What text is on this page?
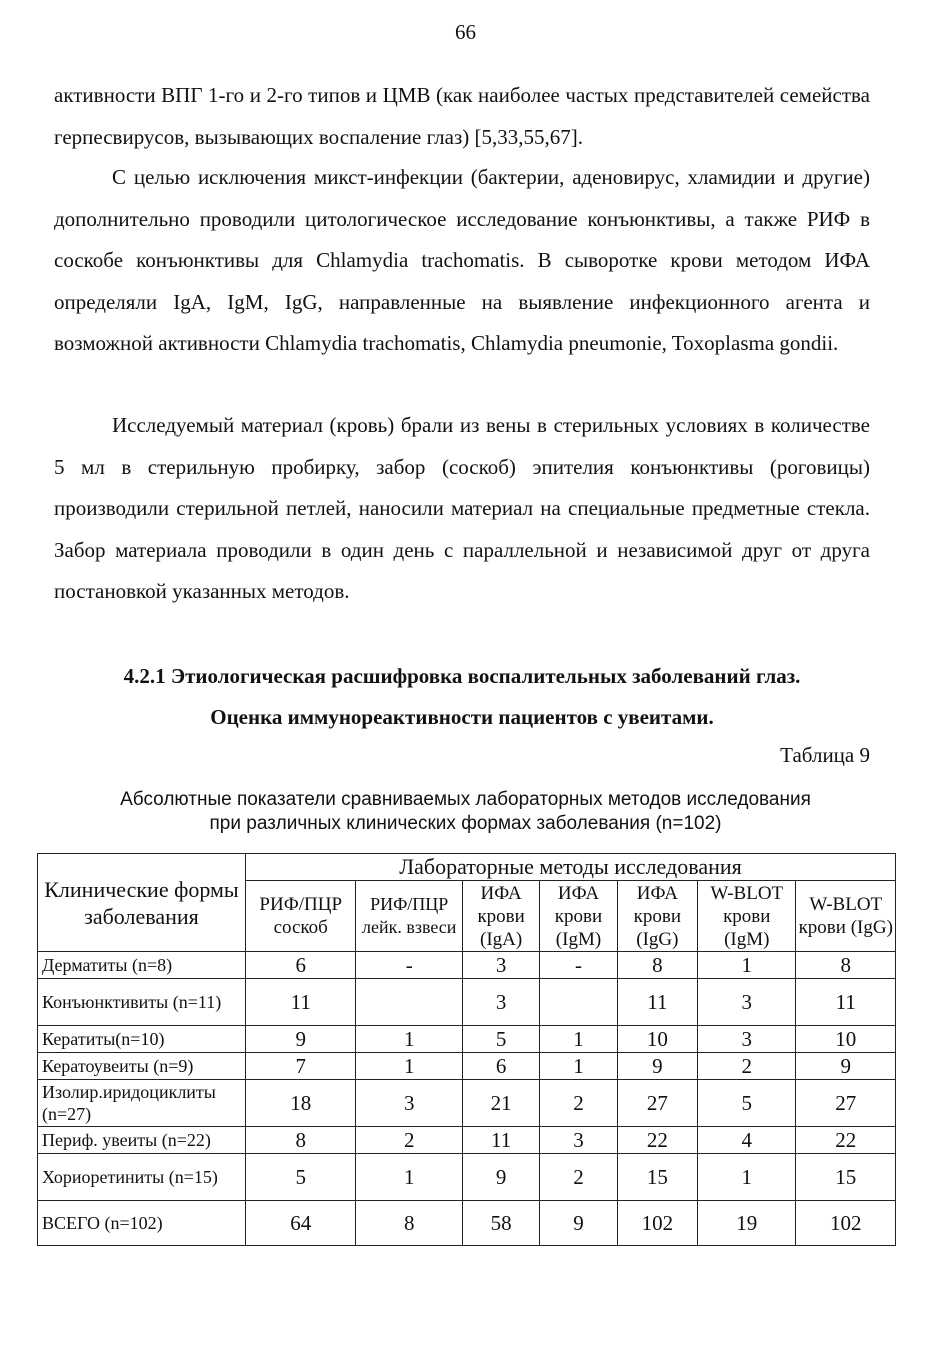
66

активности ВПГ 1-го и 2-го типов и ЦМВ (как наиболее частых представителей семейства герпесвирусов, вызывающих воспаление глаз) [5,33,55,67].

С целью исключения микст-инфекции (бактерии, аденовирус, хламидии и другие) дополнительно проводили цитологическое исследование конъюнктивы, а также РИФ в соскобе конъюнктивы для Chlamydia trachomatis. В сыворотке крови методом ИФА определяли IgA, IgM, IgG, направленные на выявление инфекционного агента и возможной активности Chlamydia trachomatis, Chlamydia pneumonie, Toxoplasma gondii.

Исследуемый материал (кровь) брали из вены в стерильных условиях в количестве 5 мл в стерильную пробирку, забор (соскоб) эпителия конъюнктивы (роговицы) производили стерильной петлей, наносили материал на специальные предметные стекла. Забор материала проводили в один день с параллельной и независимой друг от друга постановкой указанных методов.

4.2.1 Этиологическая расшифровка воспалительных заболеваний глаз.
Оценка иммунореактивности пациентов с увеитами.
Таблица 9
Абсолютные показатели сравниваемых лабораторных методов исследования
при различных клинических формах заболевания (n=102)
Клинические формы заболевания	Лабораторные методы исследования						
	РИФ/ПЦР соскоб	РИФ/ПЦР лейк. взвеси	ИФА крови (IgA)	ИФА крови (IgM)	ИФА крови (IgG)	W-BLOT крови (IgM)	W-BLOT крови (IgG)
Дерматиты (n=8)	6	-	3	-	8	1	8
Конъюнктивиты (n=11)	11		3		11	3	11
Кератиты(n=10)	9	1	5	1	10	3	10
Кератоувеиты (n=9)	7	1	6	1	9	2	9
Изолир.иридоциклиты (n=27)	18	3	21	2	27	5	27
Периф. увеиты (n=22)	8	2	11	3	22	4	22
Хориоретиниты (n=15)	5	1	9	2	15	1	15
ВСЕГО (n=102)	64	8	58	9	102	19	102
